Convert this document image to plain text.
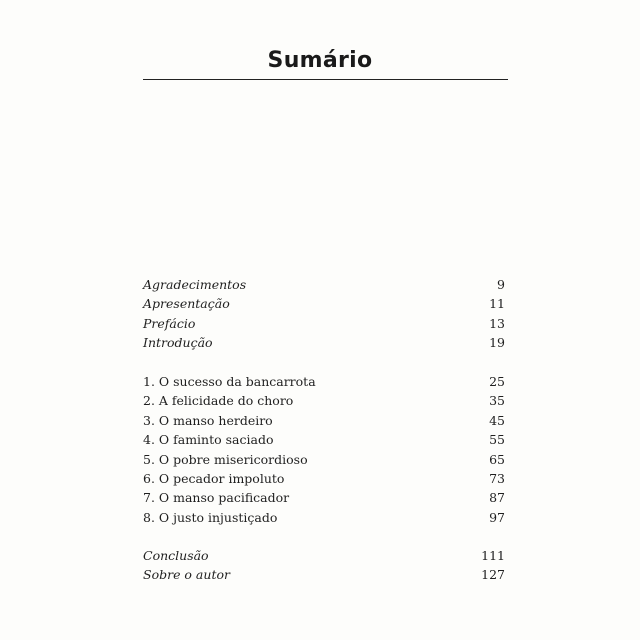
Sumário
Agradecimentos	9
Apresentação	11
Prefácio	13
Introdução	19
1. O sucesso da bancarrota	25
2. A felicidade do choro	35
3. O manso herdeiro	45
4. O faminto saciado	55
5. O pobre misericordioso	65
6. O pecador impoluto	73
7. O manso pacificador	87
8. O justo injustiçado	97
Conclusão	111
Sobre o autor	127
